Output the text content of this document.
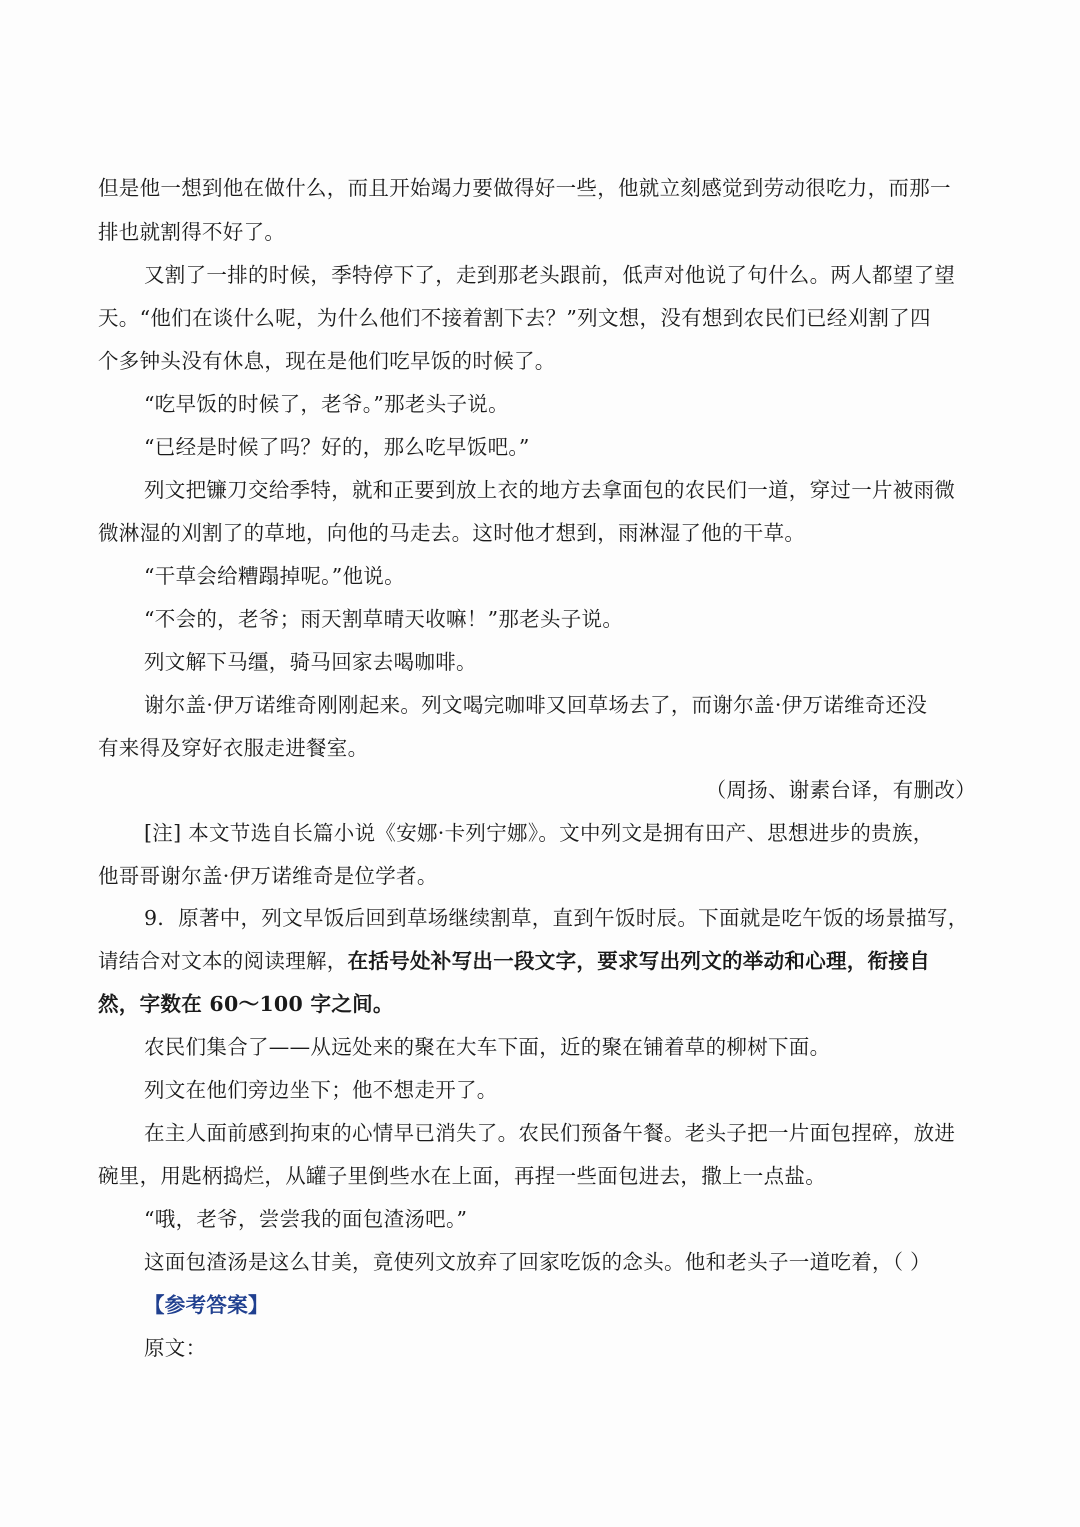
但是他一想到他在做什么，而且开始竭力要做得好一些，他就立刻感觉到劳动很吃力，而那一
排也就割得不好了。
又割了一排的时候，季特停下了，走到那老头跟前，低声对他说了句什么。两人都望了望
天。“他们在谈什么呢，为什么他们不接着割下去？”列文想，没有想到农民们已经刈割了四
个多钟头没有休息，现在是他们吃早饭的时候了。
“吃早饭的时候了，老爷。”那老头子说。
“已经是时候了吗？好的，那么吃早饭吧。”
列文把镰刀交给季特，就和正要到放上衣的地方去拿面包的农民们一道，穿过一片被雨微
微淋湿的刈割了的草地，向他的马走去。这时他才想到，雨淋湿了他的干草。
“干草会给糟蹋掉呢。”他说。
“不会的，老爷；雨天割草晴天收嘛！”那老头子说。
列文解下马缰，骑马回家去喝咖啡。
谢尔盖·伊万诺维奇刚刚起来。列文喝完咖啡又回草场去了，而谢尔盖·伊万诺维奇还没
有来得及穿好衣服走进餐室。
（周扬、谢素台译，有删改）
[注] 本文节选自长篇小说《安娜·卡列宁娜》。文中列文是拥有田产、思想进步的贵族，
他哥哥谢尔盖·伊万诺维奇是位学者。
9．原著中，列文早饭后回到草场继续割草，直到午饭时辰。下面就是吃午饭的场景描写，
请结合对文本的阅读理解，在括号处补写出一段文字，要求写出列文的举动和心理，衔接自
然，字数在 60～100 字之间。
农民们集合了——从远处来的聚在大车下面，近的聚在铺着草的柳树下面。
列文在他们旁边坐下；他不想走开了。
在主人面前感到拘束的心情早已消失了。农民们预备午餐。老头子把一片面包捏碎，放进
碗里，用匙柄捣烂，从罐子里倒些水在上面，再捏一些面包进去，撒上一点盐。
“哦，老爷，尝尝我的面包渣汤吧。”
这面包渣汤是这么甘美，竟使列文放弃了回家吃饭的念头。他和老头子一道吃着，（ ）
【参考答案】
原文：
